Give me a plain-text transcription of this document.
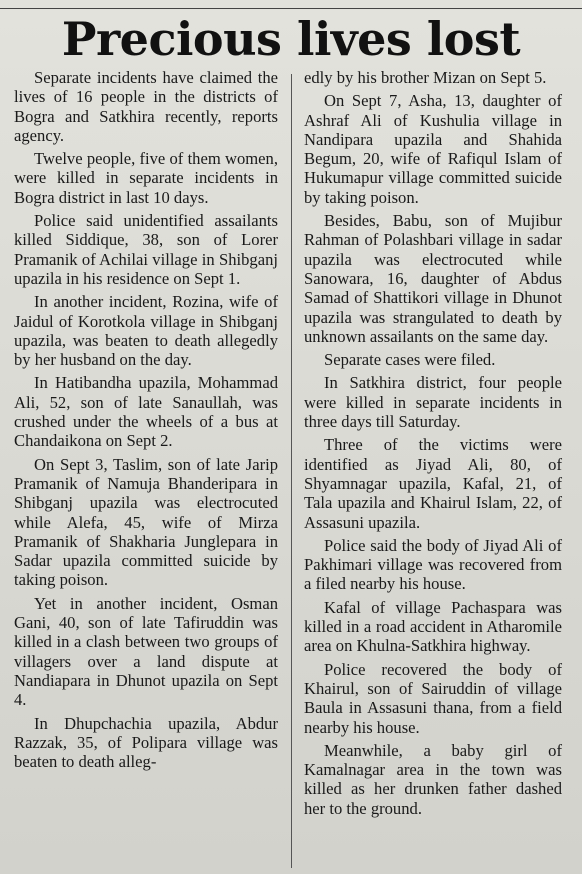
Precious lives lost

Separate incidents have claimed the lives of 16 people in the districts of Bogra and Satkhira recently, reports agency.

Twelve people, five of them women, were killed in separate incidents in Bogra district in last 10 days.

Police said unidentified assailants killed Siddique, 38, son of Lorer Pramanik of Achilai village in Shibganj upazila in his residence on Sept 1.

In another incident, Rozina, wife of Jaidul of Korotkola village in Shibganj upazila, was beaten to death allegedly by her husband on the day.

In Hatibandha upazila, Mohammad Ali, 52, son of late Sanaullah, was crushed under the wheels of a bus at Chandaikona on Sept 2.

On Sept 3, Taslim, son of late Jarip Pramanik of Namuja Bhanderipara in Shibganj upazila was electrocuted while Alefa, 45, wife of Mirza Pramanik of Shakharia Junglepara in Sadar upazila committed suicide by taking poison.

Yet in another incident, Osman Gani, 40, son of late Tafiruddin was killed in a clash between two groups of villagers over a land dispute at Nandiapara in Dhunot upazila on Sept 4.

In Dhupchachia upazila, Abdur Razzak, 35, of Polipara village was beaten to death alleg-

edly by his brother Mizan on Sept 5.

On Sept 7, Asha, 13, daughter of Ashraf Ali of Kushulia village in Nandipara upazila and Shahida Begum, 20, wife of Rafiqul Islam of Hukumapur village committed suicide by taking poison.

Besides, Babu, son of Mujibur Rahman of Polashbari village in sadar upazila was electrocuted while Sanowara, 16, daughter of Abdus Samad of Shattikori village in Dhunot upazila was strangulated to death by unknown assailants on the same day.

Separate cases were filed.

In Satkhira district, four people were killed in separate incidents in three days till Saturday.

Three of the victims were identified as Jiyad Ali, 80, of Shyamnagar upazila, Kafal, 21, of Tala upazila and Khairul Islam, 22, of Assasuni upazila.

Police said the body of Jiyad Ali of Pakhimari village was recovered from a filed nearby his house.

Kafal of village Pachaspara was killed in a road accident in Atharomile area on Khulna-Satkhira highway.

Police recovered the body of Khairul, son of Sairuddin of village Baula in Assasuni thana, from a field nearby his house.

Meanwhile, a baby girl of Kamalnagar area in the town was killed as her drunken father dashed her to the ground.
